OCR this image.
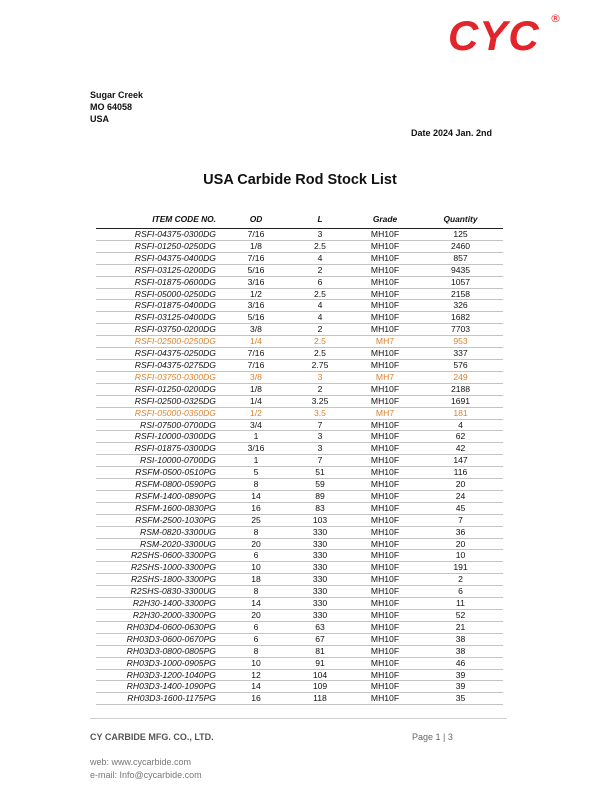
CYC ®
Sugar Creek
MO 64058
USA
Date 2024 Jan. 2nd
USA Carbide Rod Stock List
ITEM CODE NO.	OD	L	Grade	Quantity
RSFI-04375-0300DG	7/16	3	MH10F	125
RSFI-01250-0250DG	1/8	2.5	MH10F	2460
RSFI-04375-0400DG	7/16	4	MH10F	857
RSFI-03125-0200DG	5/16	2	MH10F	9435
RSFI-01875-0600DG	3/16	6	MH10F	1057
RSFI-05000-0250DG	1/2	2.5	MH10F	2158
RSFI-01875-0400DG	3/16	4	MH10F	326
RSFI-03125-0400DG	5/16	4	MH10F	1682
RSFI-03750-0200DG	3/8	2	MH10F	7703
RSFI-02500-0250DG	1/4	2.5	MH7	953
RSFI-04375-0250DG	7/16	2.5	MH10F	337
RSFI-04375-0275DG	7/16	2.75	MH10F	576
RSFI-03750-0300DG	3/8	3	MH7	249
RSFI-01250-0200DG	1/8	2	MH10F	2188
RSFI-02500-0325DG	1/4	3.25	MH10F	1691
RSFI-05000-0350DG	1/2	3.5	MH7	181
RSI-07500-0700DG	3/4	7	MH10F	4
RSFI-10000-0300DG	1	3	MH10F	62
RSFI-01875-0300DG	3/16	3	MH10F	42
RSI-10000-0700DG	1	7	MH10F	147
RSFM-0500-0510PG	5	51	MH10F	116
RSFM-0800-0590PG	8	59	MH10F	20
RSFM-1400-0890PG	14	89	MH10F	24
RSFM-1600-0830PG	16	83	MH10F	45
RSFM-2500-1030PG	25	103	MH10F	7
RSM-0820-3300UG	8	330	MH10F	36
RSM-2020-3300UG	20	330	MH10F	20
R2SHS-0600-3300PG	6	330	MH10F	10
R2SHS-1000-3300PG	10	330	MH10F	191
R2SHS-1800-3300PG	18	330	MH10F	2
R2SHS-0830-3300UG	8	330	MH10F	6
R2H30-1400-3300PG	14	330	MH10F	11
R2H30-2000-3300PG	20	330	MH10F	52
RH03D4-0600-0630PG	6	63	MH10F	21
RH03D3-0600-0670PG	6	67	MH10F	38
RH03D3-0800-0805PG	8	81	MH10F	38
RH03D3-1000-0905PG	10	91	MH10F	46
RH03D3-1200-1040PG	12	104	MH10F	39
RH03D3-1400-1090PG	14	109	MH10F	39
RH03D3-1600-1175PG	16	118	MH10F	35
CY CARBIDE MFG. CO., LTD.	Page 1 | 3
web: www.cycarbide.com
e-mail: Info@cycarbide.com
